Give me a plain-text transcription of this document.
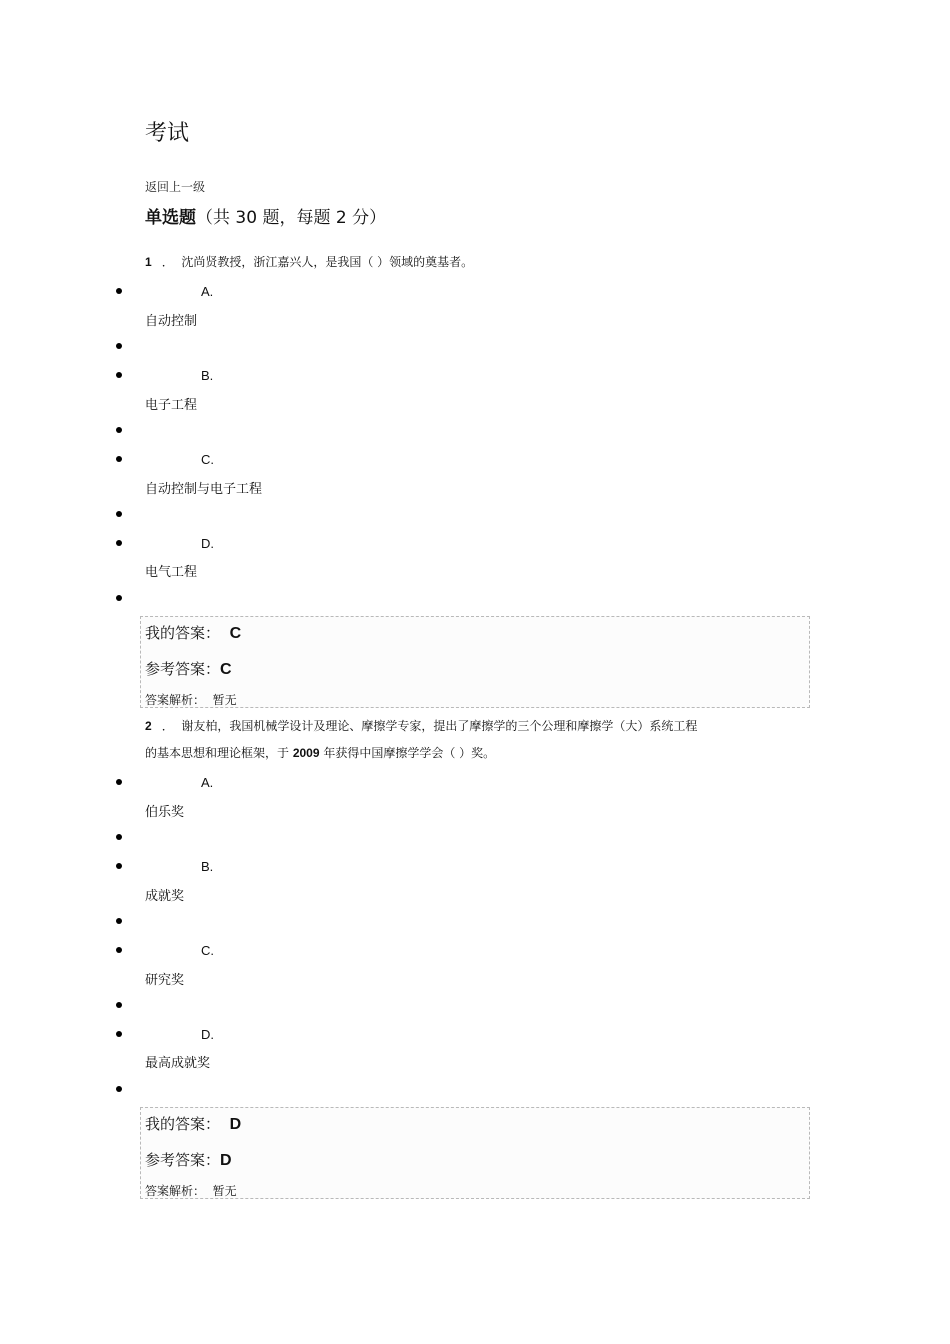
考试
返回上一级
单选题（共 30 题，每题 2 分）
1 ． 沈尚贤教授，浙江嘉兴人，是我国（ ）领域的奠基者。
A.
自动控制
B.
电子工程
C.
自动控制与电子工程
D.
电气工程
我的答案： C
参考答案：C
答案解析： 暂无
2 ． 谢友柏，我国机械学设计及理论、摩擦学专家，提出了摩擦学的三个公理和摩擦学（大）系统工程
的基本思想和理论框架，于 2009 年获得中国摩擦学学会（ ）奖。
A.
伯乐奖
B.
成就奖
C.
研究奖
D.
最高成就奖
我的答案： D
参考答案：D
答案解析： 暂无
